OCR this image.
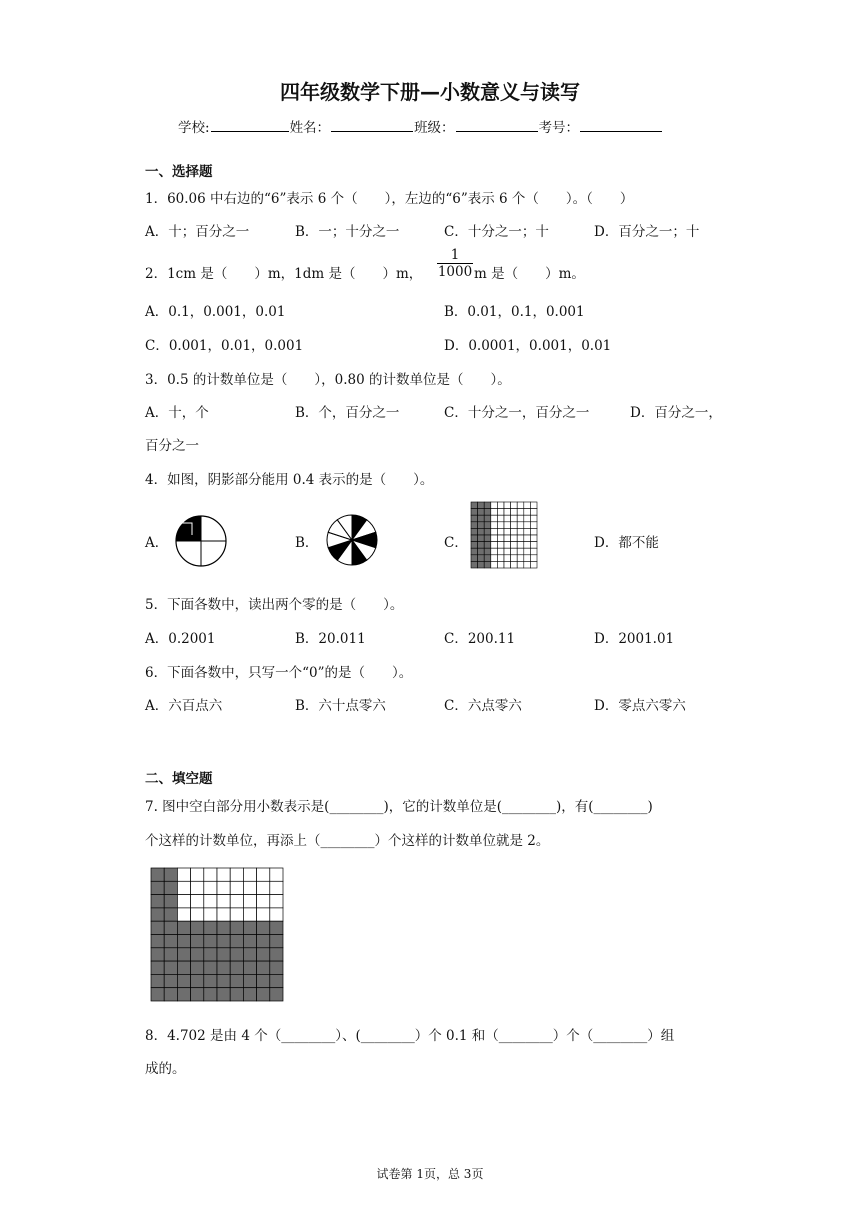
四年级数学下册—小数意义与读写
学校:	姓名：	班级：	考号：
一、选择题
1．60.06 中右边的“6”表示 6 个（　　），左边的“6”表示 6 个（　　）。（　　）
A．十；百分之一	B．一；十分之一	C．十分之一；十	D．百分之一；十
2．1cm 是（　　）m，1dm 是（　　）m， $\frac{1}{1000}$ m 是（　　）m。
A．0.1，0.001，0.01	B．0.01，0.1，0.001
C．0.001，0.01，0.001	D．0.0001，0.001，0.01
3．0.5 的计数单位是（　　），0.80 的计数单位是（　　）。
A．十，个	B．个，百分之一	C．十分之一，百分之一	D．百分之一，
百分之一
4．如图，阴影部分能用 0.4 表示的是（　　）。
A．	B．	C．	D．都不能
5．下面各数中，读出两个零的是（　　）。
A．0.2001	B．20.011	C．200.11	D．2001.01
6．下面各数中，只写一个“0”的是（　　）。
A．六百点六	B．六十点零六	C．六点零六	D．零点六零六
二、填空题
7. 图中空白部分用小数表示是(________)，它的计数单位是(________)，有(________)
个这样的计数单位，再添上（________）个这样的计数单位就是 2。
8．4.702 是由 4 个（________）、(________）个 0.1 和（________）个（________）组
成的。
试卷第 1页，总 3页
